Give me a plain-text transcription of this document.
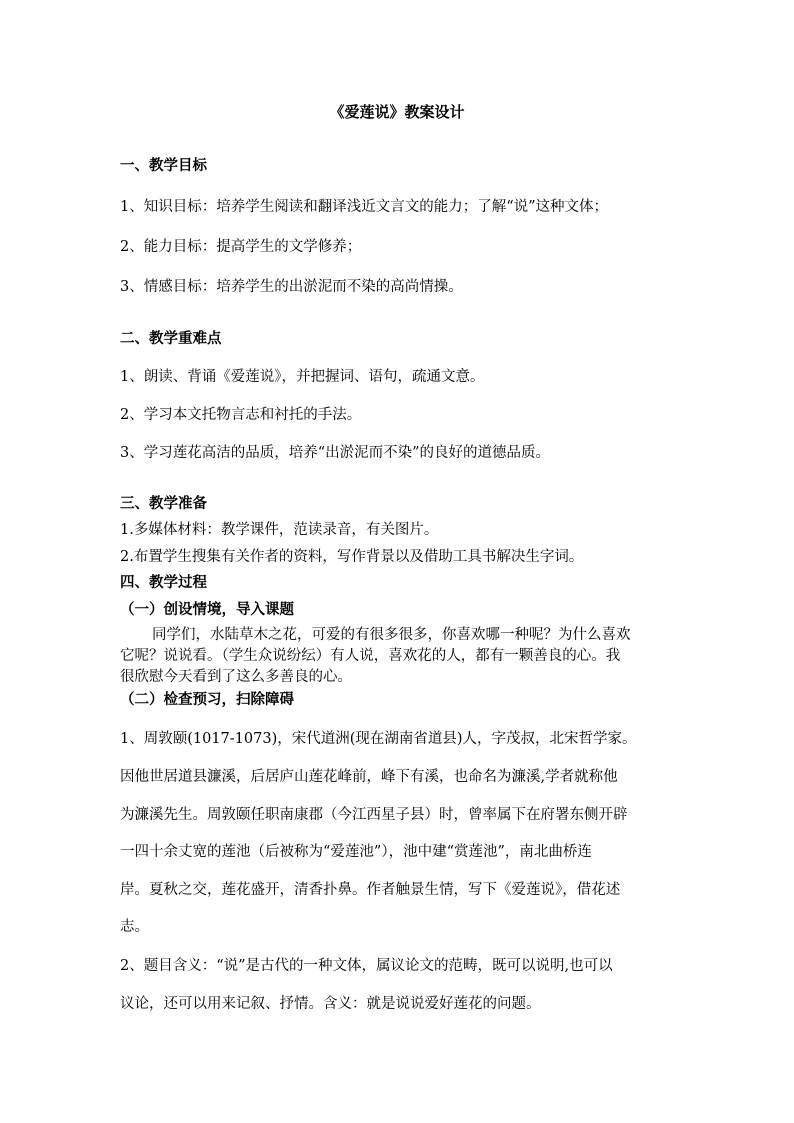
《爱莲说》教案设计
一、教学目标
1、知识目标：培养学生阅读和翻译浅近文言文的能力；了解“说”这种文体；
2、能力目标：提高学生的文学修养；
3、情感目标：培养学生的出淤泥而不染的高尚情操。
二、教学重难点
1、朗读、背诵《爱莲说》，并把握词、语句，疏通文意。
2、学习本文托物言志和衬托的手法。
3、学习莲花高洁的品质，培养“出淤泥而不染”的良好的道德品质。
三、教学准备
1.多媒体材料：教学课件，范读录音，有关图片。
2.布置学生搜集有关作者的资料，写作背景以及借助工具书解决生字词。
四、教学过程
（一）创设情境，导入课题
同学们，水陆草木之花，可爱的有很多很多，你喜欢哪一种呢？为什么喜欢
它呢？说说看。（学生众说纷纭）有人说，喜欢花的人，都有一颗善良的心。我
很欣慰今天看到了这么多善良的心。
（二）检查预习，扫除障碍
1、周敦颐(1017-1073)，宋代道洲(现在湖南省道县)人，字茂叔，北宋哲学家。
因他世居道县濂溪，后居庐山莲花峰前，峰下有溪，也命名为濂溪,学者就称他
为濂溪先生。周敦颐任职南康郡（今江西星子县）时，曾率属下在府署东侧开辟
一四十余丈宽的莲池（后被称为“爱莲池”），池中建“赏莲池”，南北曲桥连
岸。夏秋之交，莲花盛开，清香扑鼻。作者触景生情，写下《爱莲说》，借花述
志。
2、题目含义：“说”是古代的一种文体，属议论文的范畴，既可以说明,也可以
议论，还可以用来记叙、抒情。含义：就是说说爱好莲花的问题。
